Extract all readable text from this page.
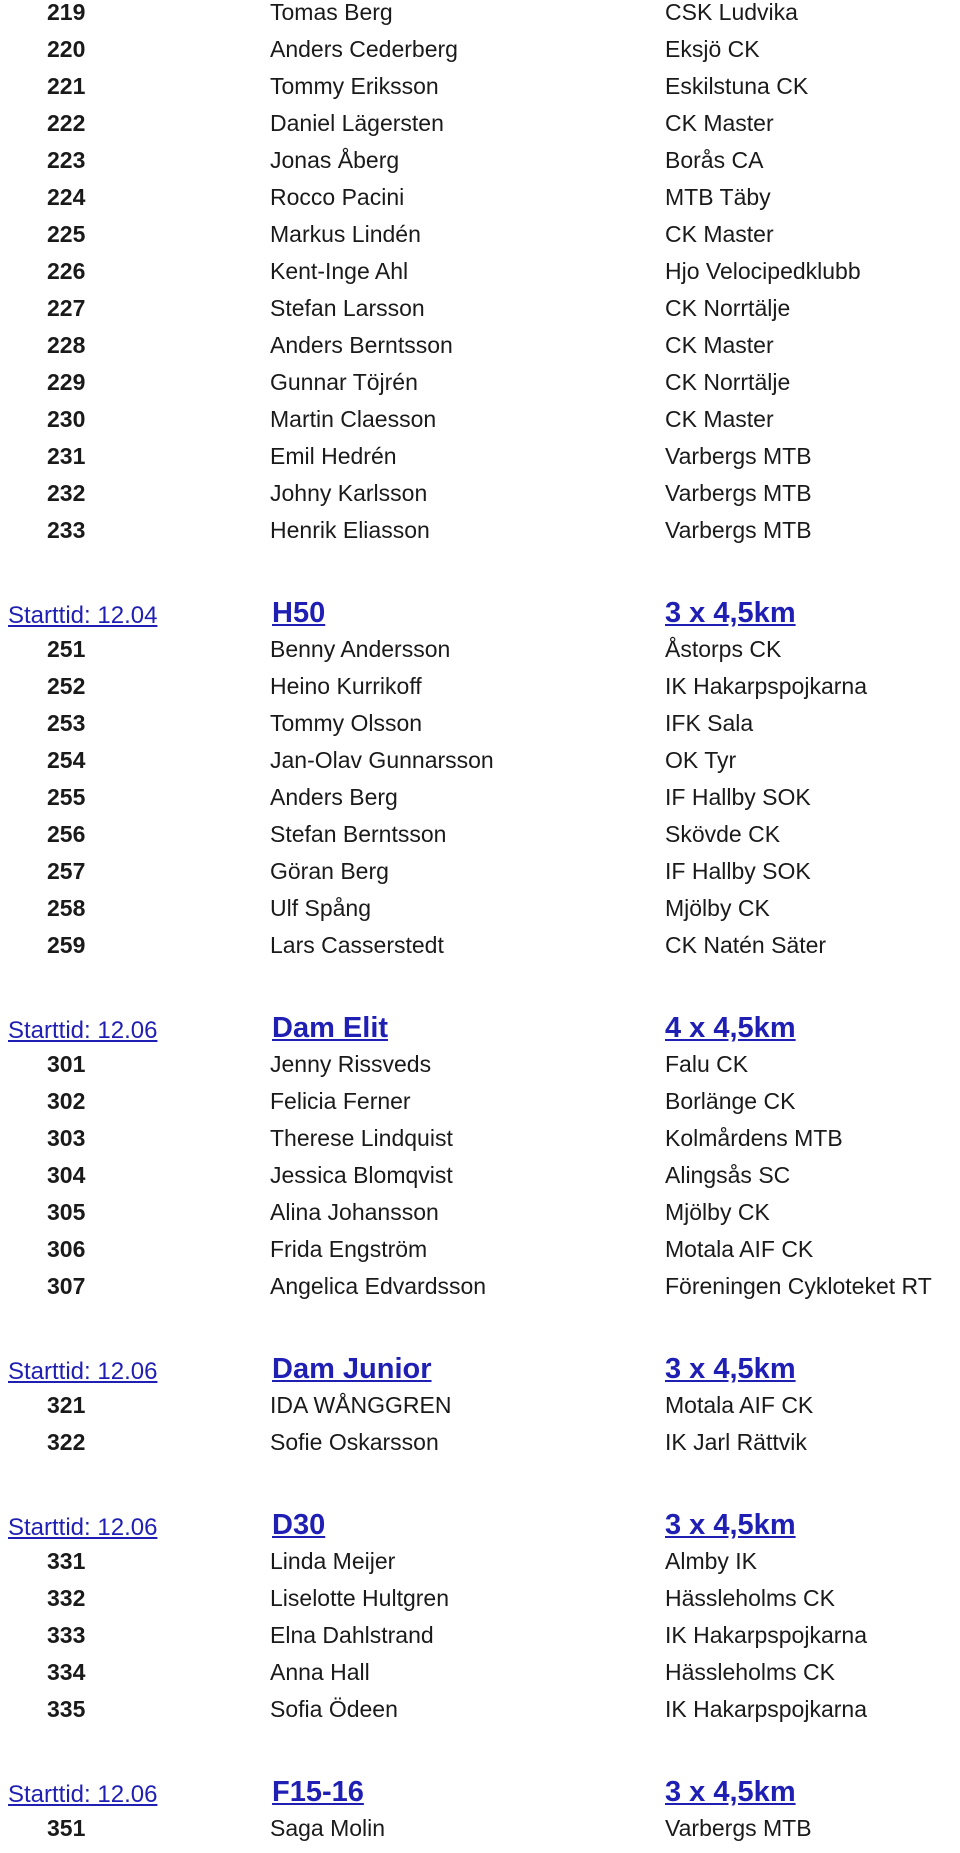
219	Tomas Berg	CSK Ludvika
220	Anders Cederberg	Eksjö CK
221	Tommy Eriksson	Eskilstuna CK
222	Daniel Lägersten	CK Master
223	Jonas Åberg	Borås CA
224	Rocco Pacini	MTB Täby
225	Markus Lindén	CK Master
226	Kent-Inge Ahl	Hjo Velocipedklubb
227	Stefan Larsson	CK Norrtälje
228	Anders Berntsson	CK Master
229	Gunnar Töjrén	CK Norrtälje
230	Martin Claesson	CK Master
231	Emil Hedrén	Varbergs MTB
232	Johny Karlsson	Varbergs MTB
233	Henrik Eliasson	Varbergs MTB
Starttid: 12.04	H50	3 x 4,5km
251	Benny Andersson	Åstorps CK
252	Heino Kurrikoff	IK Hakarpspojkarna
253	Tommy Olsson	IFK Sala
254	Jan-Olav Gunnarsson	OK Tyr
255	Anders Berg	IF Hallby SOK
256	Stefan Berntsson	Skövde CK
257	Göran Berg	IF Hallby SOK
258	Ulf Spång	Mjölby CK
259	Lars Casserstedt	CK Natén Säter
Starttid: 12.06	Dam Elit	4 x 4,5km
301	Jenny Rissveds	Falu CK
302	Felicia Ferner	Borlänge CK
303	Therese Lindquist	Kolmårdens MTB
304	Jessica Blomqvist	Alingsås SC
305	Alina Johansson	Mjölby CK
306	Frida Engström	Motala AIF CK
307	Angelica Edvardsson	Föreningen Cykloteket RT
Starttid: 12.06	Dam Junior	3 x 4,5km
321	IDA WÅNGGREN	Motala AIF CK
322	Sofie Oskarsson	IK Jarl Rättvik
Starttid: 12.06	D30	3 x 4,5km
331	Linda Meijer	Almby IK
332	Liselotte Hultgren	Hässleholms CK
333	Elna Dahlstrand	IK Hakarpspojkarna
334	Anna Hall	Hässleholms CK
335	Sofia Ödeen	IK Hakarpspojkarna
Starttid: 12.06	F15-16	3 x 4,5km
351	Saga Molin	Varbergs MTB
